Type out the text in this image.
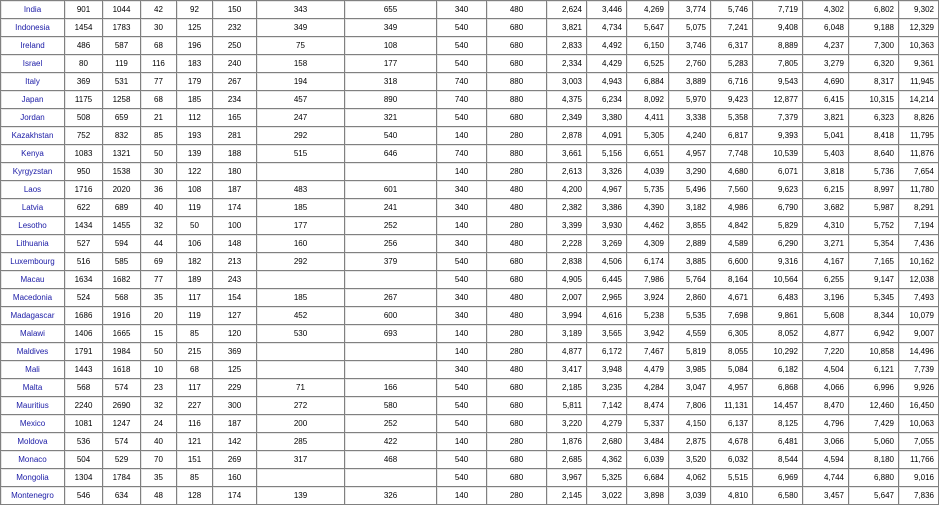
India	901	1044	42	92	150	343	655	340	480	2,624	3,446	4,269	3,774	5,746	7,719	4,302	6,802	9,302
Indonesia	1454	1783	30	125	232	349	349	540	680	3,821	4,734	5,647	5,075	7,241	9,408	6,048	9,188	12,329
Ireland	486	587	68	196	250	75	108	540	680	2,833	4,492	6,150	3,746	6,317	8,889	4,237	7,300	10,363
Israel	80	119	116	183	240	158	177	540	680	2,334	4,429	6,525	2,760	5,283	7,805	3,279	6,320	9,361
Italy	369	531	77	179	267	194	318	740	880	3,003	4,943	6,884	3,889	6,716	9,543	4,690	8,317	11,945
Japan	1175	1258	68	185	234	457	890	740	880	4,375	6,234	8,092	5,970	9,423	12,877	6,415	10,315	14,214
Jordan	508	659	21	112	165	247	321	540	680	2,349	3,380	4,411	3,338	5,358	7,379	3,821	6,323	8,826
Kazakhstan	752	832	85	193	281	292	540	140	280	2,878	4,091	5,305	4,240	6,817	9,393	5,041	8,418	11,795
Kenya	1083	1321	50	139	188	515	646	740	880	3,661	5,156	6,651	4,957	7,748	10,539	5,403	8,640	11,876
Kyrgyzstan	950	1538	30	122	180			140	280	2,613	3,326	4,039	3,290	4,680	6,071	3,818	5,736	7,654
Laos	1716	2020	36	108	187	483	601	340	480	4,200	4,967	5,735	5,496	7,560	9,623	6,215	8,997	11,780
Latvia	622	689	40	119	174	185	241	340	480	2,382	3,386	4,390	3,182	4,986	6,790	3,682	5,987	8,291
Lesotho	1434	1455	32	50	100	177	252	140	280	3,399	3,930	4,462	3,855	4,842	5,829	4,310	5,752	7,194
Lithuania	527	594	44	106	148	160	256	340	480	2,228	3,269	4,309	2,889	4,589	6,290	3,271	5,354	7,436
Luxembourg	516	585	69	182	213	292	379	540	680	2,838	4,506	6,174	3,885	6,600	9,316	4,167	7,165	10,162
Macau	1634	1682	77	189	243			540	680	4,905	6,445	7,986	5,764	8,164	10,564	6,255	9,147	12,038
Macedonia	524	568	35	117	154	185	267	340	480	2,007	2,965	3,924	2,860	4,671	6,483	3,196	5,345	7,493
Madagascar	1686	1916	20	119	127	452	600	340	480	3,994	4,616	5,238	5,535	7,698	9,861	5,608	8,344	10,079
Malawi	1406	1665	15	85	120	530	693	140	280	3,189	3,565	3,942	4,559	6,305	8,052	4,877	6,942	9,007
Maldives	1791	1984	50	215	369			140	280	4,877	6,172	7,467	5,819	8,055	10,292	7,220	10,858	14,496
Mali	1443	1618	10	68	125			340	480	3,417	3,948	4,479	3,985	5,084	6,182	4,504	6,121	7,739
Malta	568	574	23	117	229	71	166	540	680	2,185	3,235	4,284	3,047	4,957	6,868	4,066	6,996	9,926
Mauritius	2240	2690	32	227	300	272	580	540	680	5,811	7,142	8,474	7,806	11,131	14,457	8,470	12,460	16,450
Mexico	1081	1247	24	116	187	200	252	540	680	3,220	4,279	5,337	4,150	6,137	8,125	4,796	7,429	10,063
Moldova	536	574	40	121	142	285	422	140	280	1,876	2,680	3,484	2,875	4,678	6,481	3,066	5,060	7,055
Monaco	504	529	70	151	269	317	468	540	680	2,685	4,362	6,039	3,520	6,032	8,544	4,594	8,180	11,766
Mongolia	1304	1784	35	85	160			540	680	3,967	5,325	6,684	4,062	5,515	6,969	4,744	6,880	9,016
Montenegro	546	634	48	128	174	139	326	140	280	2,145	3,022	3,898	3,039	4,810	6,580	3,457	5,647	7,836
